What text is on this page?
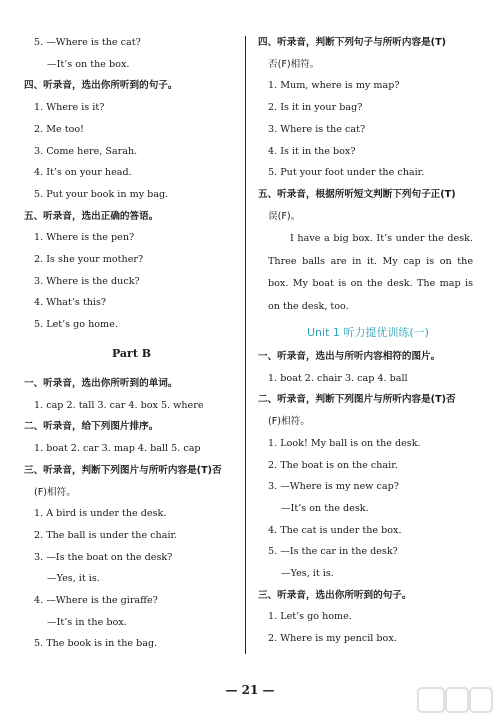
5. —Where is the cat?
—It’s on the box.
四、听录音，选出你所听到的句子。
1. Where is it?
2. Me too!
3. Come here, Sarah.
4. It’s on your head.
5. Put your book in my bag.
五、听录音，选出正确的答语。
1. Where is the pen?
2. Is she your mother?
3. Where is the duck?
4. What’s this?
5. Let’s go home.
Part B
一、听录音，选出你所听到的单词。
1. cap 2. tall 3. car 4. box 5. where
二、听录音，给下列图片排序。
1. boat 2. car 3. map 4. ball 5. cap
三、听录音，判断下列图片与所听内容是(T)否
(F)相符。
1. A bird is under the desk.
2. The ball is under the chair.
3. —Is the boat on the desk?
—Yes, it is.
4. —Where is the giraffe?
—It’s in the box.
5. The book is in the bag.
四、听录音，判断下列句子与所听内容是(T)
否(F)相符。
1. Mum, where is my map?
2. Is it in your bag?
3. Where is the cat?
4. Is it in the box?
5. Put your foot under the chair.
五、听录音，根据所听短文判断下列句子正(T)
误(F)。
I have a big box. It’s under the desk. Three balls are in it. My cap is on the box. My boat is on the desk. The map is on the desk, too.
Unit 1 听力提优训练(一)
一、听录音，选出与所听内容相符的图片。
1. boat 2. chair 3. cap 4. ball
二、听录音，判断下列图片与所听内容是(T)否
(F)相符。
1. Look! My ball is on the desk.
2. The boat is on the chair.
3. —Where is my new cap?
—It’s on the desk.
4. The cat is under the box.
5. —Is the car in the desk?
—Yes, it is.
三、听录音，选出你所听到的句子。
1. Let’s go home.
2. Where is my pencil box.
— 21 —
